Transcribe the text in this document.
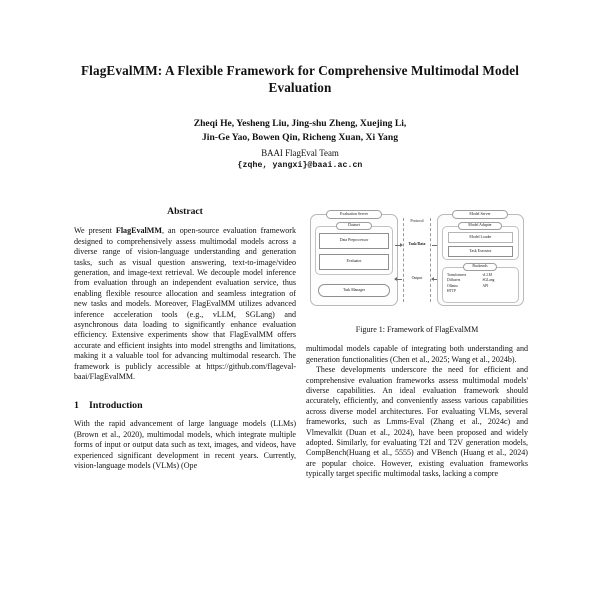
FlagEvalMM: A Flexible Framework for Comprehensive Multimodal Model Evaluation
Zheqi He, Yesheng Liu, Jing-shu Zheng, Xuejing Li,
Jin-Ge Yao, Bowen Qin, Richeng Xuan, Xi Yang
BAAI FlagEval Team
{zqhe, yangxi}@baai.ac.cn
Abstract

We present FlagEvalMM, an open-source evaluation framework designed to comprehensively assess multimodal models across a diverse range of vision-language understanding and generation tasks, such as visual question answering, text-to-image/video generation, and image-text retrieval. We decouple model inference from evaluation through an independent evaluation service, thus enabling flexible resource allocation and seamless integration of new tasks and models. Moreover, FlagEvalMM utilizes advanced inference acceleration tools (e.g., vLLM, SGLang) and asynchronous data loading to significantly enhance evaluation efficiency. Extensive experiments show that FlagEvalMM offers accurate and efficient insights into model strengths and limitations, making it a valuable tool for advancing multimodal research. The framework is publicly accessible at https://github.com/flageval-baai/FlagEvalMM.

1 Introduction

With the rapid advancement of large language models (LLMs) (Brown et al., 2020), multimodal models, which integrate multiple forms of input or output data such as text, images, and videos, have experienced significant development in recent years. Currently, vision-language models (VLMs) (Ope

Evaluation Server
Dataset
Data Preprocessor
Evaluator
Task Manager
Protocol
Task/Data
Output
Model Server
Model Adapter
Model Loader
Task Executor
Backends
Transformers	vLLM
Diffusers	SGLang
Ollama	API
HTTP
Figure 1: Framework of FlagEvalMM

multimodal models capable of integrating both understanding and generation functionalities (Chen et al., 2025; Wang et al., 2024b).

These developments underscore the need for efficient and comprehensive evaluation frameworks assess multimodal models' diverse capabilities. An ideal evaluation framework should accurately, efficiently, and conveniently assess various capabilities across diverse model architectures. For evaluating VLMs, several frameworks, such as Lmms-Eval (Zhang et al., 2024c) and Vlmevalkit (Duan et al., 2024), have been proposed and widely adopted. Similarly, for evaluating T2I and T2V generation models, CompBench(Huang et al., 5555) and VBench (Huang et al., 2024) are popular choice. However, existing evaluation frameworks typically target specific multimodal tasks, lacking a compre
